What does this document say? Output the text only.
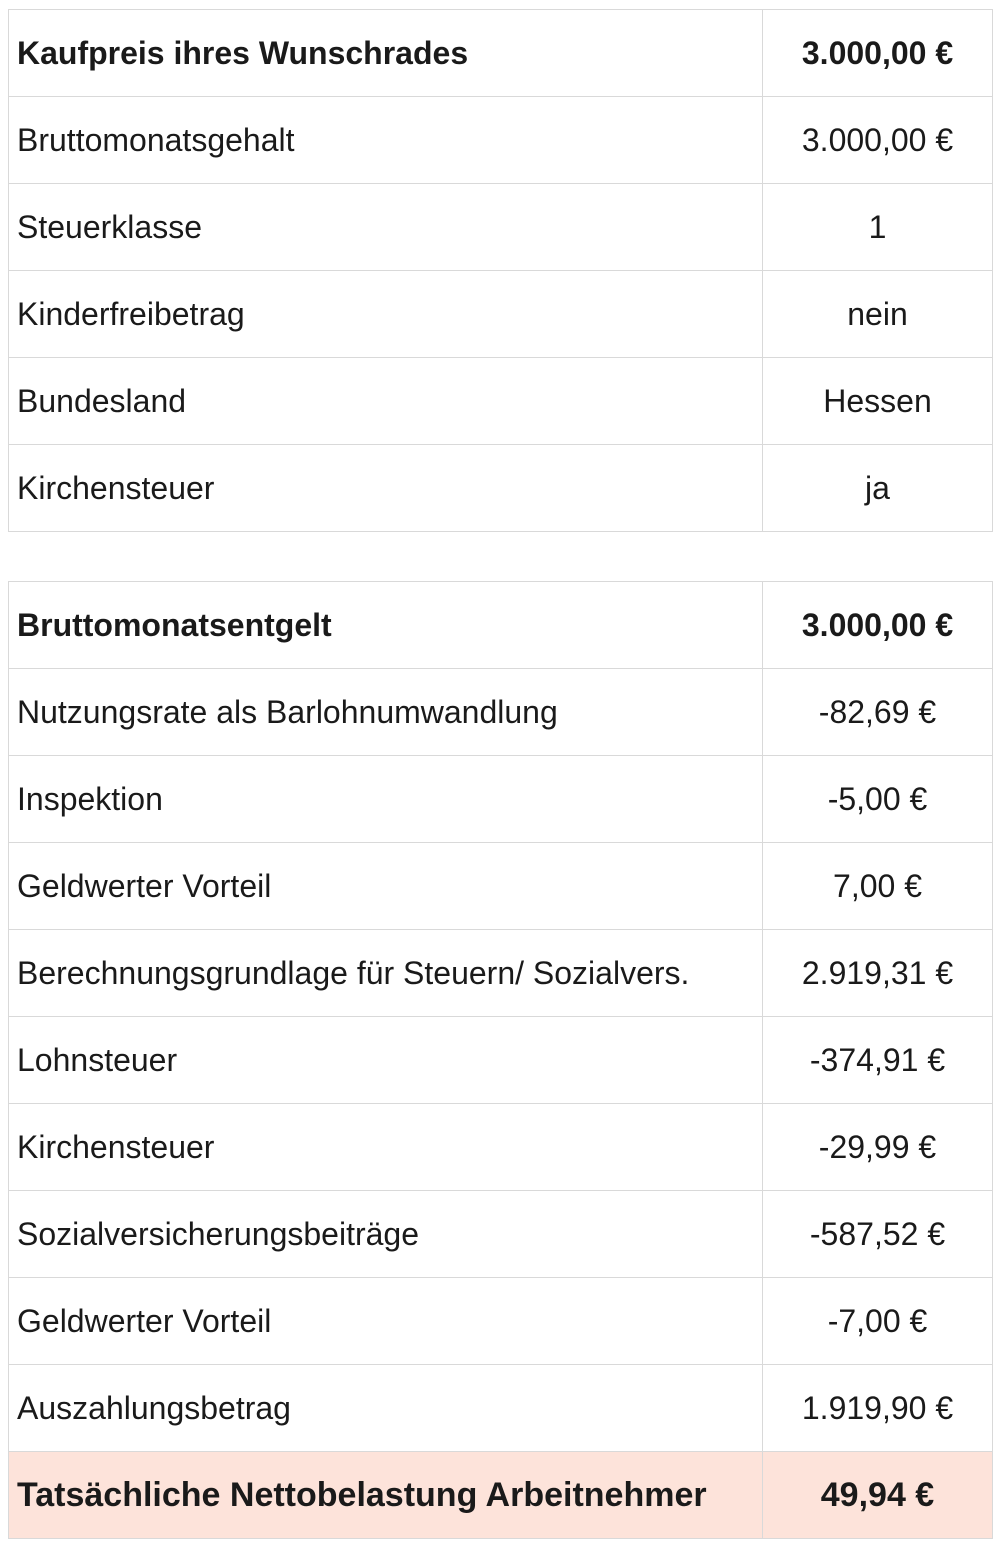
Kaufpreis ihres Wunschrades	3.000,00 €
Bruttomonatsgehalt	3.000,00 €
Steuerklasse	1
Kinderfreibetrag	nein
Bundesland	Hessen
Kirchensteuer	ja
Bruttomonatsentgelt	3.000,00 €
Nutzungsrate als Barlohnumwandlung	-82,69 €
Inspektion	-5,00 €
Geldwerter Vorteil	7,00 €
Berechnungsgrundlage für Steuern/ Sozialvers.	2.919,31 €
Lohnsteuer	-374,91 €
Kirchensteuer	-29,99 €
Sozialversicherungsbeiträge	-587,52 €
Geldwerter Vorteil	-7,00 €
Auszahlungsbetrag	1.919,90 €
Tatsächliche Nettobelastung Arbeitnehmer	49,94 €
